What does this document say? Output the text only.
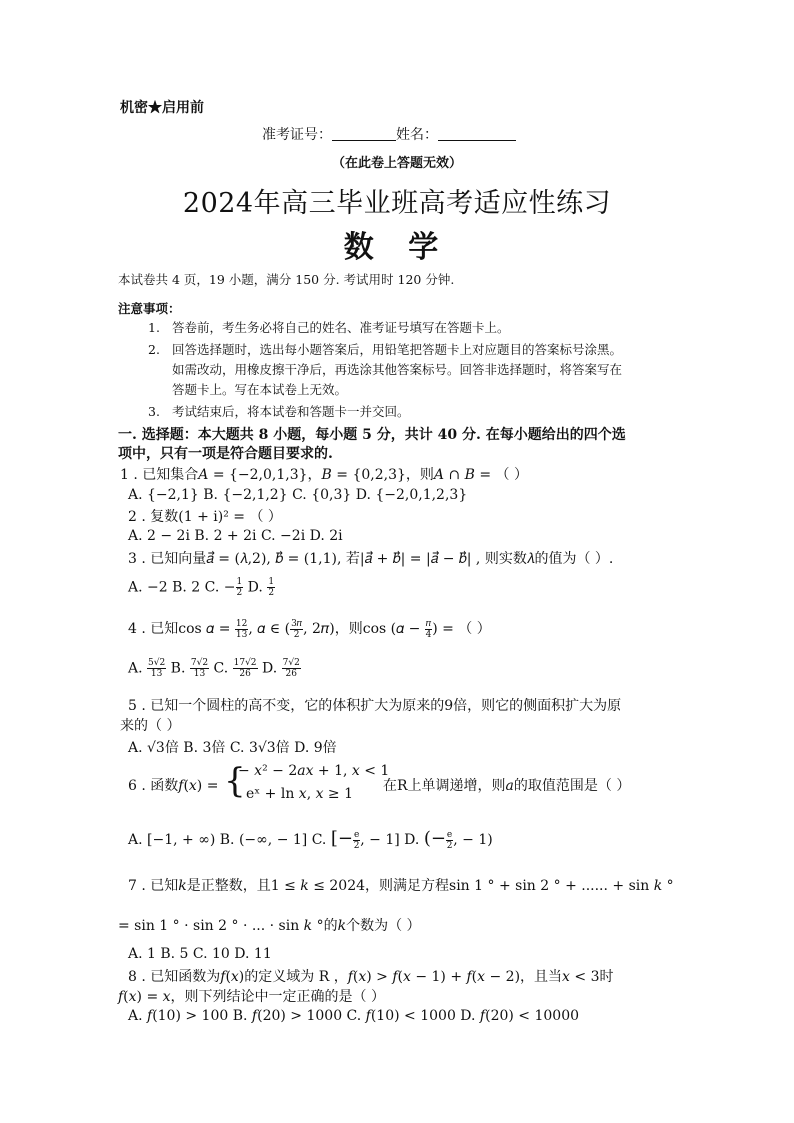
机密★启用前
准考证号：	姓名：
（在此卷上答题无效）
2024年高三毕业班高考适应性练习
数 学
本试卷共 4 页，19 小题，满分 150 分. 考试用时 120 分钟.
注意事项：
1. 答卷前，考生务必将自己的姓名、准考证号填写在答题卡上。
2. 回答选择题时，选出每小题答案后，用铅笔把答题卡上对应题目的答案标号涂黑。
如需改动，用橡皮擦干净后，再选涂其他答案标号。回答非选择题时，将答案写在
答题卡上。写在本试卷上无效。
3. 考试结束后，将本试卷和答题卡一并交回。
一. 选择题：本大题共 8 小题，每小题 5 分，共计 40 分. 在每小题给出的四个选
项中，只有一项是符合题目要求的.
1 . 已知集合𝐴 = {−2,0,1,3}，𝐵 = {0,2,3}，则𝐴 ∩ 𝐵 = （ ）
A. {−2,1} B. {−2,1,2} C. {0,3} D. {−2,0,1,2,3}
2 . 复数(1 + i)² = （ ）
A. 2 − 2i B. 2 + 2i C. −2i D. 2i
3 . 已知向量𝑎⃗ = (𝜆,2), 𝑏⃗ = (1,1), 若|𝑎⃗ + 𝑏⃗| = |𝑎⃗ − 𝑏⃗| , 则实数𝜆的值为（ ）.
A. −2 B. 2 C. − $\frac{1}{2} D$. $\frac{1}{2}$
4 . 已知cos 𝛼 = $\frac{12}{13}$ , 𝛼 ∈ ( $\frac{\text{3𝜋}}{2}$ , 2𝜋)，则cos (𝛼 − $\frac{\text{𝜋}}{4}$ ) = （ ）
A. $\frac{5√2}{13} B$. $\frac{7√2}{13} C$. $\frac{17√2}{26} D$. $\frac{7√2}{26}$
5 . 已知一个圆柱的高不变，它的体积扩大为原来的9倍，则它的侧面积扩大为原
来的（ ）
A. √3倍 B. 3倍 C. 3√3倍 D. 9倍
6 . 函数𝑓(𝑥) = {
− 𝑥² − 2𝑎𝑥 + 1, 𝑥 < 1
eˣ + ln 𝑥, 𝑥 ≥ 1 在R上单调递增，则𝑎的取值范围是（ ）
A. [−1, + ∞) B. (−∞, − 1] C. [− $\frac{e}{2}$ , − 1] D. (− $\frac{e}{2}$ , − 1)
7 . 已知𝑘是正整数，且1 ≤ 𝑘 ≤ 2024，则满足方程sin 1 ° + sin 2 ° + ...... + sin 𝑘 °
= sin 1 ° · sin 2 ° · ... · sin 𝑘 °的𝑘个数为（ ）
A. 1 B. 5 C. 10 D. 11
8 . 已知函数为𝑓(𝑥)的定义域为 R ，𝑓(𝑥) > 𝑓(𝑥 − 1) + 𝑓(𝑥 − 2)，且当𝑥 < 3时
𝑓(𝑥) = 𝑥，则下列结论中一定正确的是（ ）
A. 𝑓(10) > 100 B. 𝑓(20) > 1000 C. 𝑓(10) < 1000 D. 𝑓(20) < 10000
